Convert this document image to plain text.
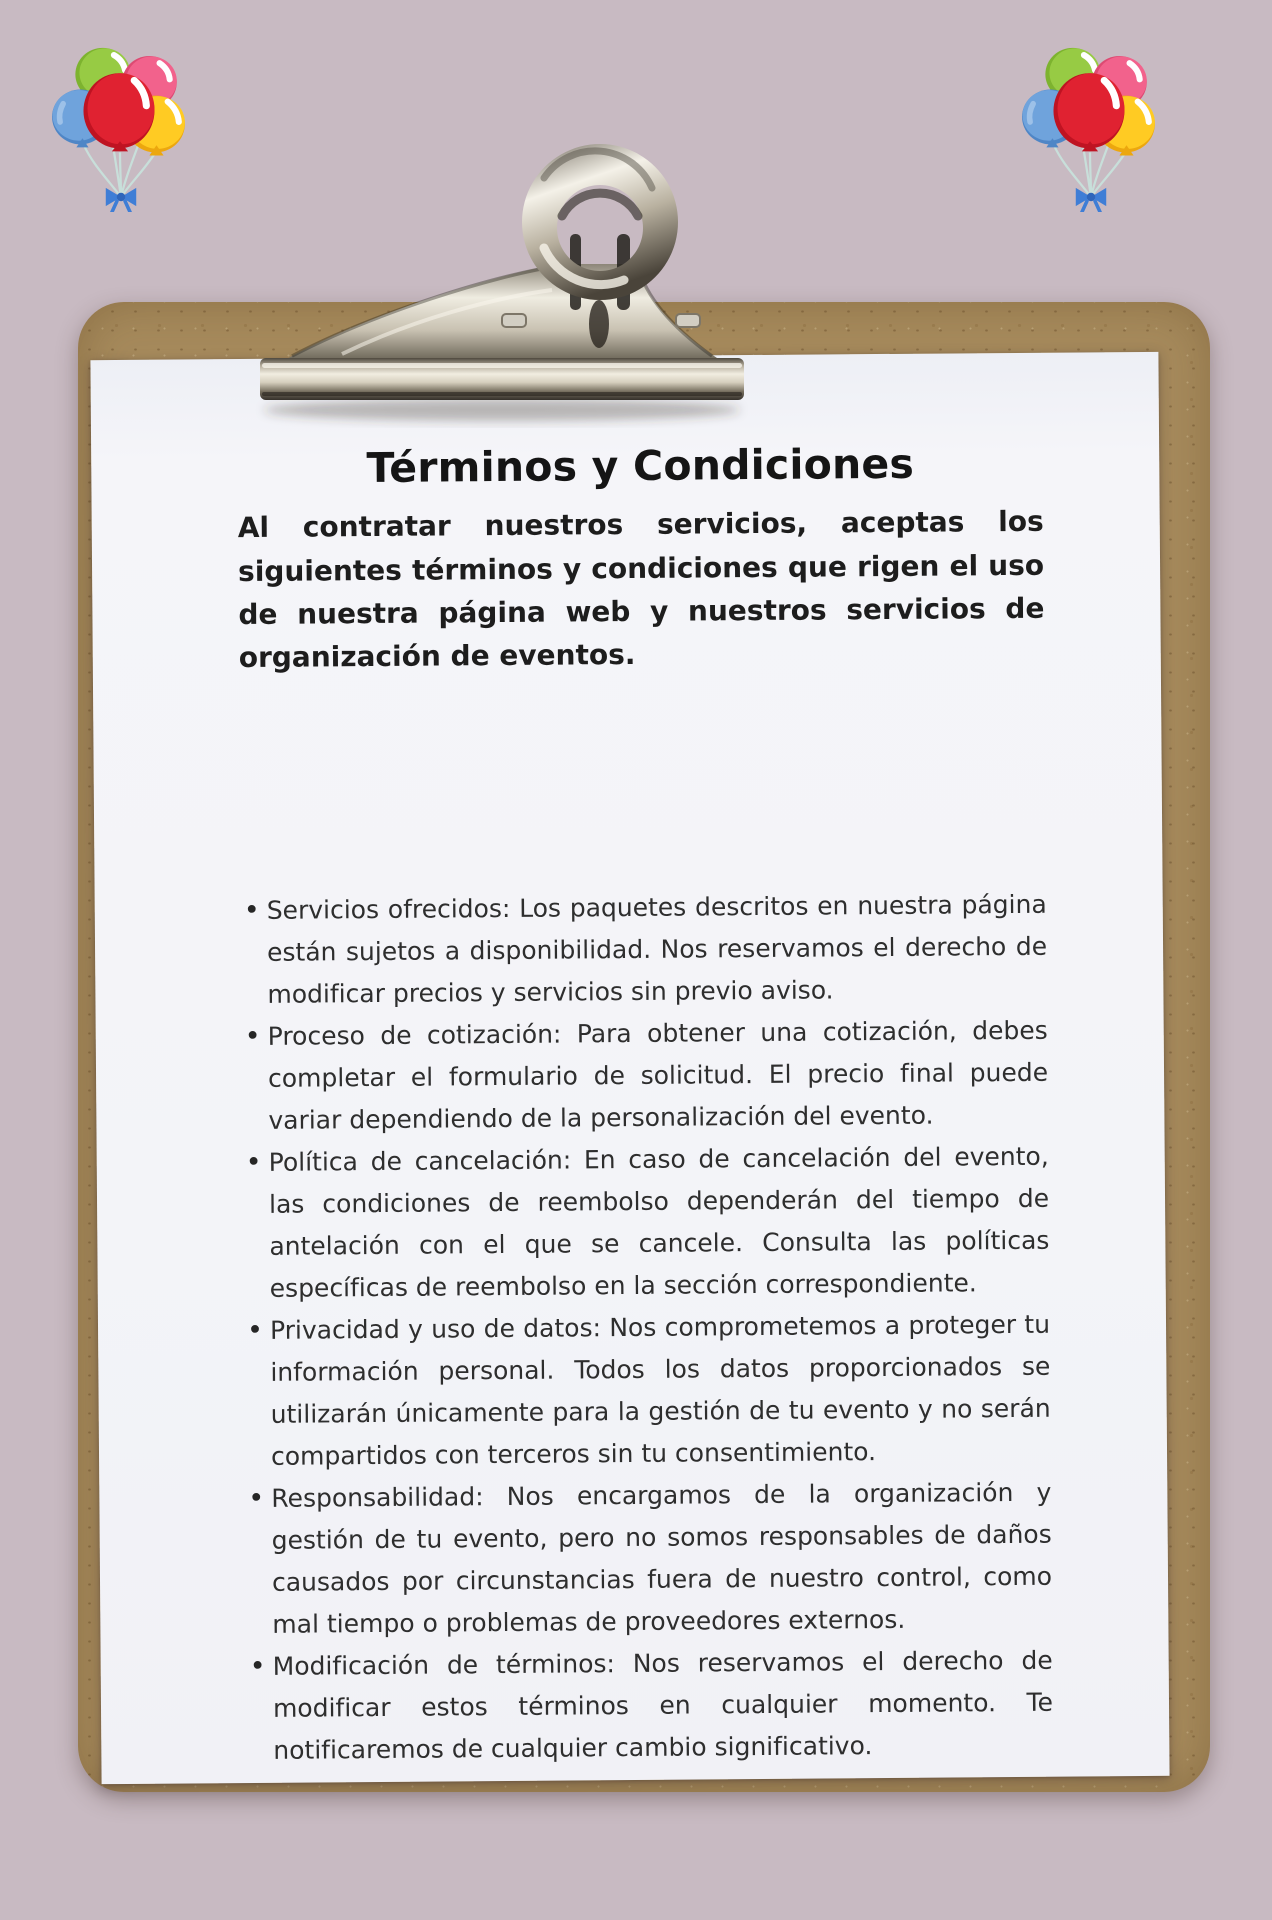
Términos y Condiciones

Al contratar nuestros servicios, aceptas los siguientes términos y condiciones que rigen el uso de nuestra página web y nuestros servicios de organización de eventos.

• Servicios ofrecidos: Los paquetes descritos en nuestra página están sujetos a disponibilidad. Nos reservamos el derecho de modificar precios y servicios sin previo aviso.
• Proceso de cotización: Para obtener una cotización, debes completar el formulario de solicitud. El precio final puede variar dependiendo de la personalización del evento.
• Política de cancelación: En caso de cancelación del evento, las condiciones de reembolso dependerán del tiempo de antelación con el que se cancele. Consulta las políticas específicas de reembolso en la sección correspondiente.
• Privacidad y uso de datos: Nos comprometemos a proteger tu información personal. Todos los datos proporcionados se utilizarán únicamente para la gestión de tu evento y no serán compartidos con terceros sin tu consentimiento.
• Responsabilidad: Nos encargamos de la organización y gestión de tu evento, pero no somos responsables de daños causados por circunstancias fuera de nuestro control, como mal tiempo o problemas de proveedores externos.
• Modificación de términos: Nos reservamos el derecho de modificar estos términos en cualquier momento. Te notificaremos de cualquier cambio significativo.
